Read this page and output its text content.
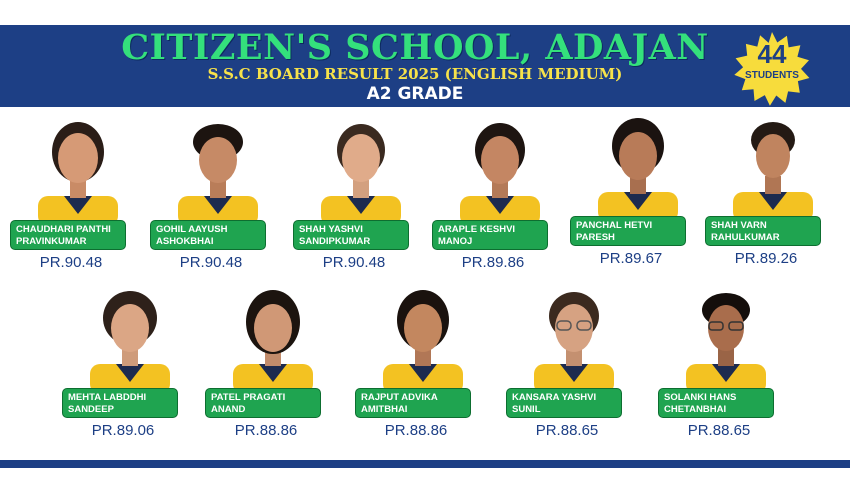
CITIZEN'S SCHOOL, ADAJAN
S.S.C BOARD RESULT 2025 (ENGLISH MEDIUM)
A2 GRADE
44
STUDENTS
CHAUDHARI PANTHI
PRAVINKUMAR
PR.90.48
GOHIL AAYUSH
ASHOKBHAI
PR.90.48
SHAH YASHVI
SANDIPKUMAR
PR.90.48
ARAPLE KESHVI
MANOJ
PR.89.86
PANCHAL HETVI
PARESH
PR.89.67
SHAH VARN
RAHULKUMAR
PR.89.26
MEHTA LABDDHI
SANDEEP
PR.89.06
PATEL PRAGATI
ANAND
PR.88.86
RAJPUT ADVIKA
AMITBHAI
PR.88.86
KANSARA YASHVI
SUNIL
PR.88.65
SOLANKI HANS
CHETANBHAI
PR.88.65
